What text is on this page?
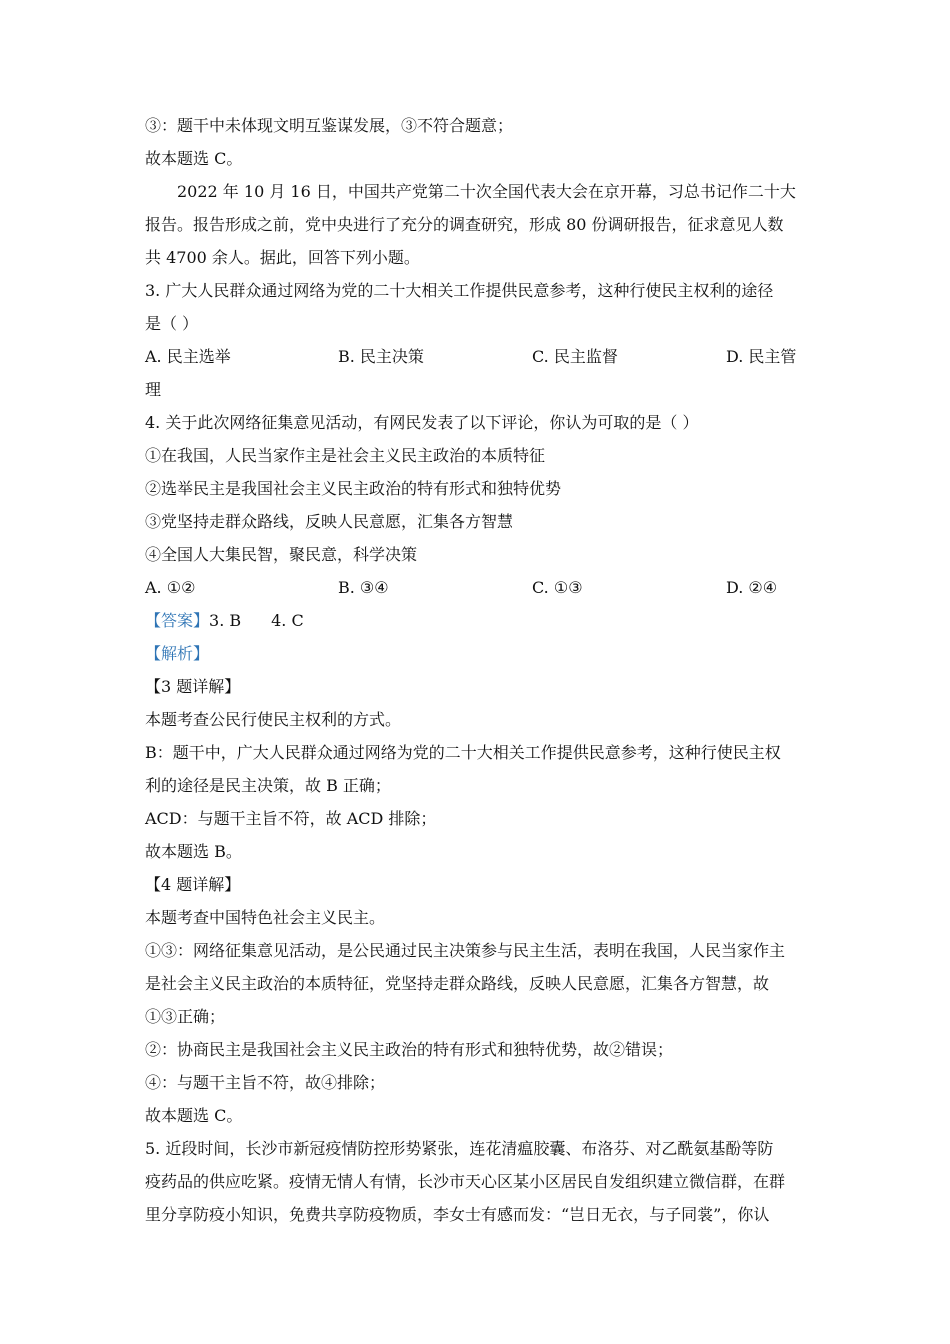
③：题干中未体现文明互鉴谋发展，③不符合题意；
故本题选 C。
2022 年 10 月 16 日，中国共产党第二十次全国代表大会在京开幕，习总书记作二十大
报告。报告形成之前，党中央进行了充分的调查研究，形成 80 份调研报告，征求意见人数
共 4700 余人。据此，回答下列小题。
3. 广大人民群众通过网络为党的二十大相关工作提供民意参考，这种行使民主权利的途径
是（ ）
A. 民主选举	B. 民主决策	C. 民主监督	D. 民主管
理
4. 关于此次网络征集意见活动，有网民发表了以下评论，你认为可取的是（ ）
①在我国，人民当家作主是社会主义民主政治的本质特征
②选举民主是我国社会主义民主政治的特有形式和独特优势
③党坚持走群众路线，反映人民意愿，汇集各方智慧
④全国人大集民智，聚民意，科学决策
A. ①②	B. ③④	C. ①③	D. ②④
【答案】3. B 4. C
【解析】
【3 题详解】
本题考查公民行使民主权利的方式。
B：题干中，广大人民群众通过网络为党的二十大相关工作提供民意参考，这种行使民主权
利的途径是民主决策，故 B 正确；
ACD：与题干主旨不符，故 ACD 排除；
故本题选 B。
【4 题详解】
本题考查中国特色社会主义民主。
①③：网络征集意见活动，是公民通过民主决策参与民主生活，表明在我国，人民当家作主
是社会主义民主政治的本质特征，党坚持走群众路线，反映人民意愿，汇集各方智慧，故
①③正确；
②：协商民主是我国社会主义民主政治的特有形式和独特优势，故②错误；
④：与题干主旨不符，故④排除；
故本题选 C。
5. 近段时间，长沙市新冠疫情防控形势紧张，连花清瘟胶囊、布洛芬、对乙酰氨基酚等防
疫药品的供应吃紧。疫情无情人有情，长沙市天心区某小区居民自发组织建立微信群，在群
里分享防疫小知识，免费共享防疫物质，李女士有感而发：“岂日无衣，与子同裳”，你认
